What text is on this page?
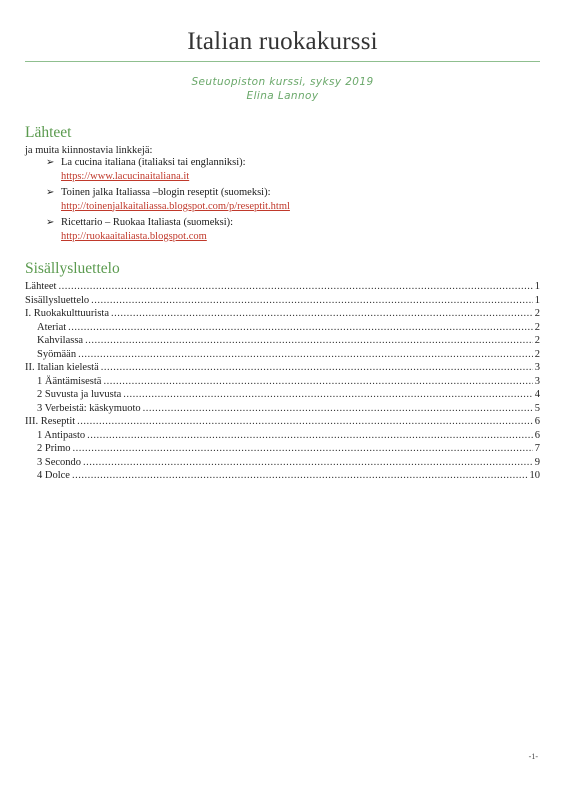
Italian ruokakurssi
Seutuopiston kurssi, syksy 2019
Elina Lannoy
Lähteet
ja muita kiinnostavia linkkejä:
➢ La cucina italiana (italiaksi tai englanniksi):
https://www.lacucinaitaliana.it
➢ Toinen jalka Italiassa –blogin reseptit (suomeksi):
http://toinenjalkaitaliassa.blogspot.com/p/reseptit.html
➢ Ricettario – Ruokaa Italiasta (suomeksi):
http://ruokaaitaliasta.blogspot.com
Sisällysluettelo
Lähteet .....	1
Sisällysluettelo .....	1
I. Ruokakulttuurista .....	2
Ateriat .....	2
Kahvilassa .....	2
Syömään .....	2
II. Italian kielestä .....	3
1 Ääntämisestä .....	3
2 Suvusta ja luvusta .....	4
3 Verbeistä: käskymuoto .....	5
III. Reseptit .....	6
1 Antipasto .....	6
2 Primo .....	7
3 Secondo .....	9
4 Dolce .....	10
-1-
